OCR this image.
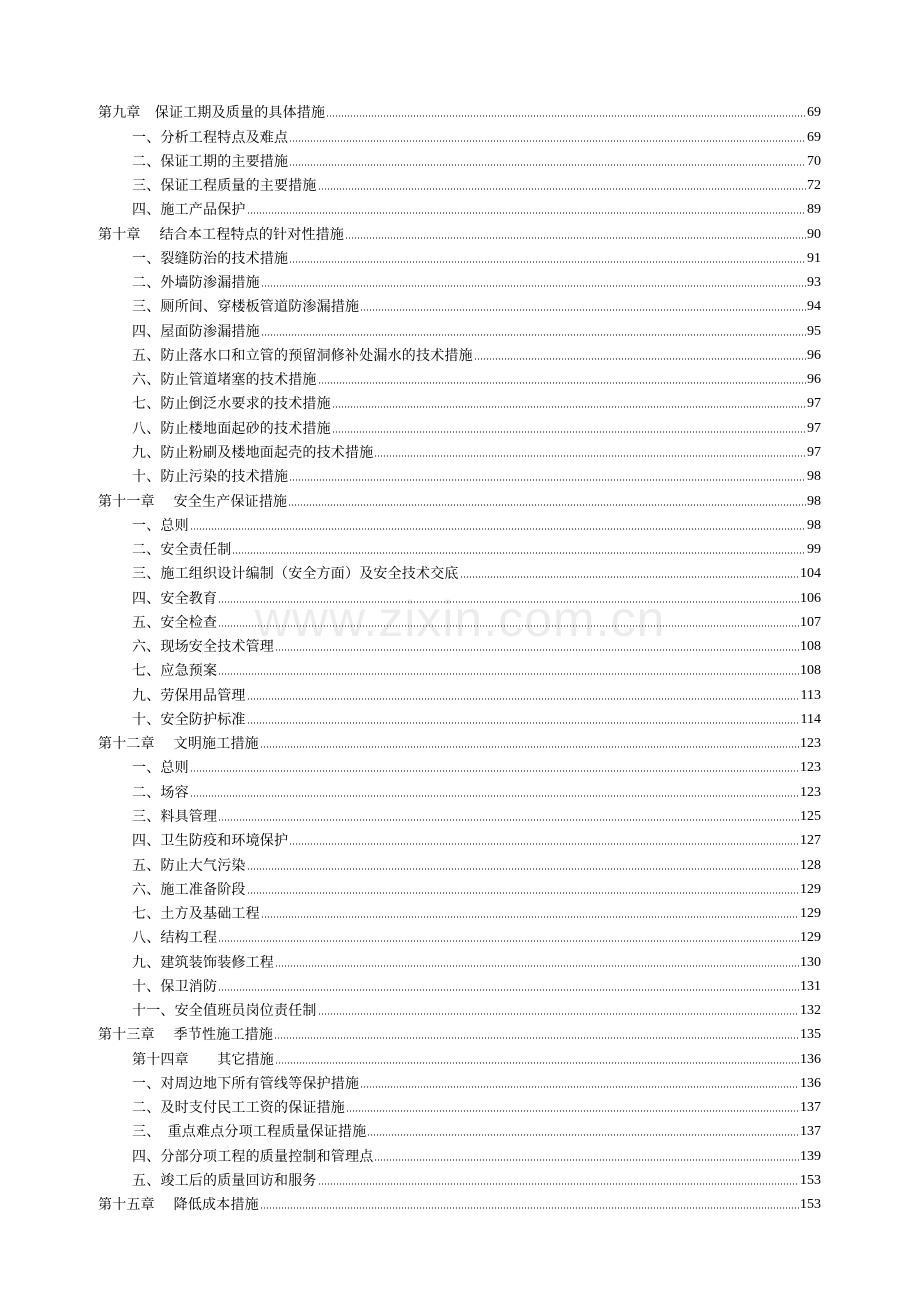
www.zixin.com.cn
第九章　保证工期及质量的具体措施	69
一、分析工程特点及难点	69
二、保证工期的主要措施	70
三、保证工程质量的主要措施	72
四、施工产品保护	89
第十章　 结合本工程特点的针对性措施	90
一、裂缝防治的技术措施	91
二、外墙防渗漏措施	93
三、厕所间、穿楼板管道防渗漏措施	94
四、屋面防渗漏措施	95
五、防止落水口和立管的预留洞修补处漏水的技术措施	96
六、防止管道堵塞的技术措施	96
七、防止倒泛水要求的技术措施	97
八、防止楼地面起砂的技术措施	97
九、防止粉刷及楼地面起壳的技术措施	97
十、防止污染的技术措施	98
第十一章　 安全生产保证措施	98
一、总则	98
二、安全责任制	99
三、施工组织设计编制（安全方面）及安全技术交底	104
四、安全教育	106
五、安全检查	107
六、现场安全技术管理	108
七、应急预案	108
九、劳保用品管理	113
十、安全防护标准	114
第十二章　 文明施工措施	123
一、总则	123
二、场容	123
三、料具管理	125
四、卫生防疫和环境保护	127
五、防止大气污染	128
六、施工准备阶段	129
七、土方及基础工程	129
八、结构工程	129
九、建筑装饰装修工程	130
十、保卫消防	131
十一、安全值班员岗位责任制	132
第十三章　 季节性施工措施	135
第十四章　　其它措施	136
一、对周边地下所有管线等保护措施	136
二、及时支付民工工资的保证措施	137
三、　重点难点分项工程质量保证措施	137
四、分部分项工程的质量控制和管理点	139
五、竣工后的质量回访和服务	153
第十五章　 降低成本措施	153
